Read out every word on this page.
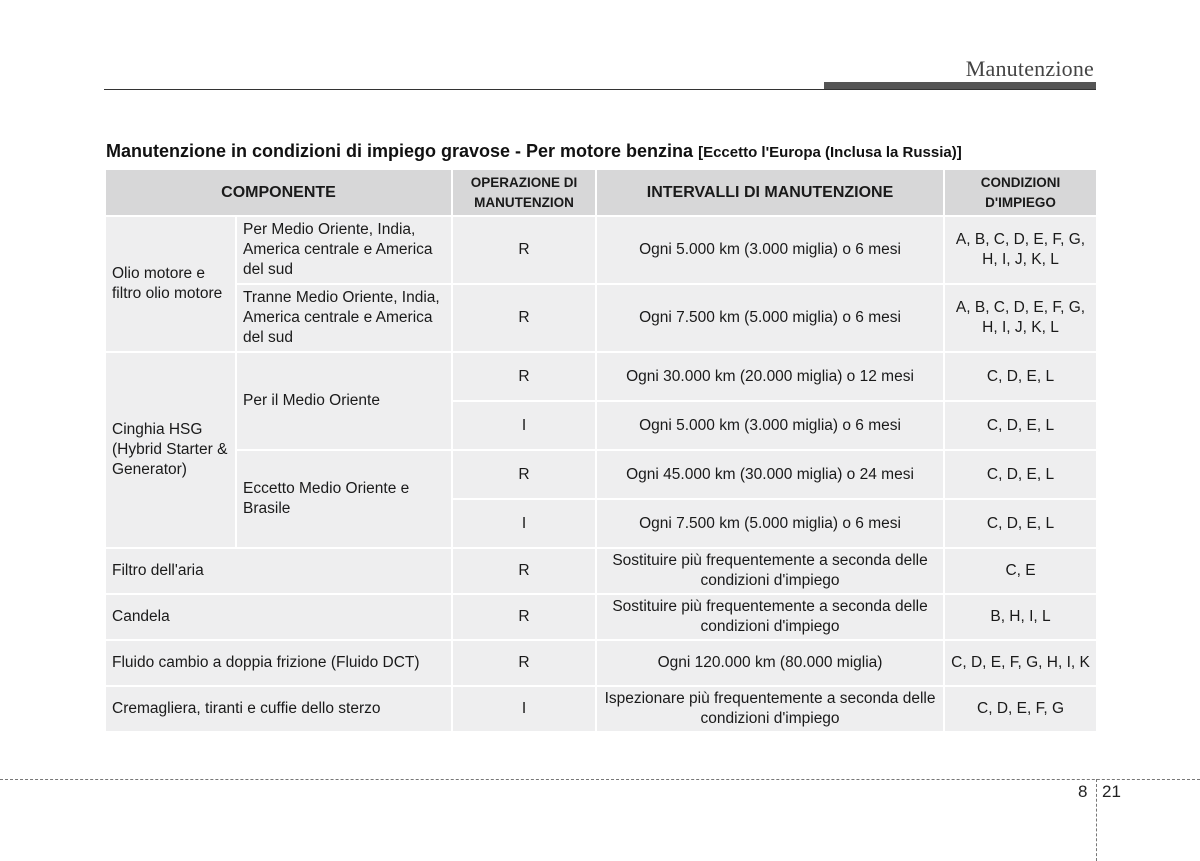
Manutenzione
Manutenzione in condizioni di impiego gravose - Per motore benzina [Eccetto l'Europa (Inclusa la Russia)]
COMPONENTE		OPERAZIONE DI MANUTENZION	INTERVALLI DI MANUTENZIONE	CONDIZIONI D'IMPIEGO
Olio motore e filtro olio motore	Per Medio Oriente, India, America centrale e America del sud	R	Ogni 5.000 km (3.000 miglia) o 6 mesi	A, B, C, D, E, F, G, H, I, J, K, L
	Tranne Medio Oriente, India, America centrale e America del sud	R	Ogni 7.500 km (5.000 miglia) o 6 mesi	A, B, C, D, E, F, G, H, I, J, K, L
Cinghia HSG (Hybrid Starter & Generator)	Per il Medio Oriente	R	Ogni 30.000 km (20.000 miglia) o 12 mesi	C, D, E, L
		I	Ogni 5.000 km (3.000 miglia) o 6 mesi	C, D, E, L
	Eccetto Medio Oriente e Brasile	R	Ogni 45.000 km (30.000 miglia) o 24 mesi	C, D, E, L
		I	Ogni 7.500 km (5.000 miglia) o 6 mesi	C, D, E, L
Filtro dell'aria		R	Sostituire più frequentemente a seconda delle condizioni d'impiego	C, E
Candela		R	Sostituire più frequentemente a seconda delle condizioni d'impiego	B, H, I, L
Fluido cambio a doppia frizione (Fluido DCT)		R	Ogni 120.000 km (80.000 miglia)	C, D, E, F, G, H, I, K
Cremagliera, tiranti e cuffie dello sterzo		I	Ispezionare più frequentemente a seconda delle condizioni d'impiego	C, D, E, F, G
8 21
